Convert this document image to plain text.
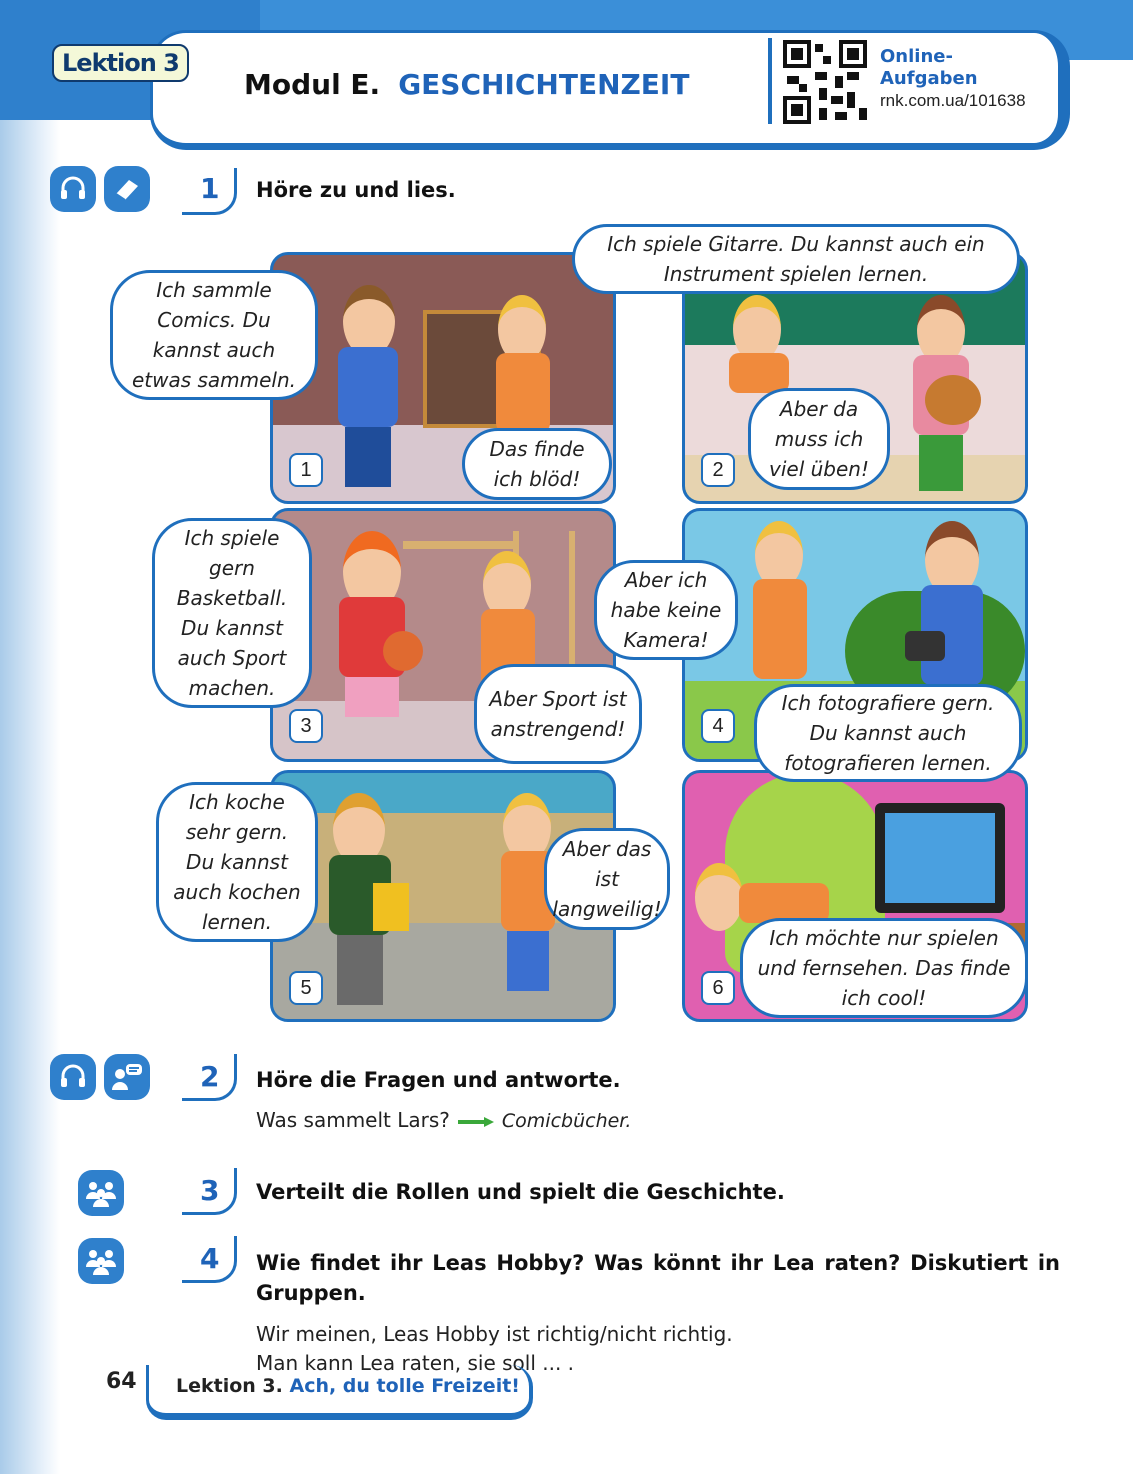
Lektion 3
Modul E. GESCHICHTENZEIT
Online-
Aufgaben
rnk.com.ua/101638
1 Höre zu und lies.
1
Ich sammle Comics. Du kannst auch etwas sammeln.
Das finde ich blöd!	2
Ich spiele Gitarre. Du kannst auch ein Instrument spielen lernen.
Aber da muss ich viel üben!
3
Ich spiele gern Basketball. Du kannst auch Sport machen.	Aber Sport ist anstrengend!	4
Aber ich habe keine Kamera!
Ich fotografiere gern. Du kannst auch fotografieren lernen.
5
Ich koche sehr gern. Du kannst auch kochen lernen.
Aber das ist langweilig!
6
Ich möchte nur spielen und fernsehen. Das finde ich cool!
2 Höre die Fragen und antworte.
Was sammelt Lars?	Comicbücher.
3 Verteilt die Rollen und spielt die Geschichte.
4 Wie findet ihr Leas Hobby? Was könnt ihr Lea raten? Diskutiert in Gruppen.
Wir meinen, Leas Hobby ist richtig/nicht richtig.
Man kann Lea raten, sie soll ... .
64 Lektion 3. Ach, du tolle Freizeit!
